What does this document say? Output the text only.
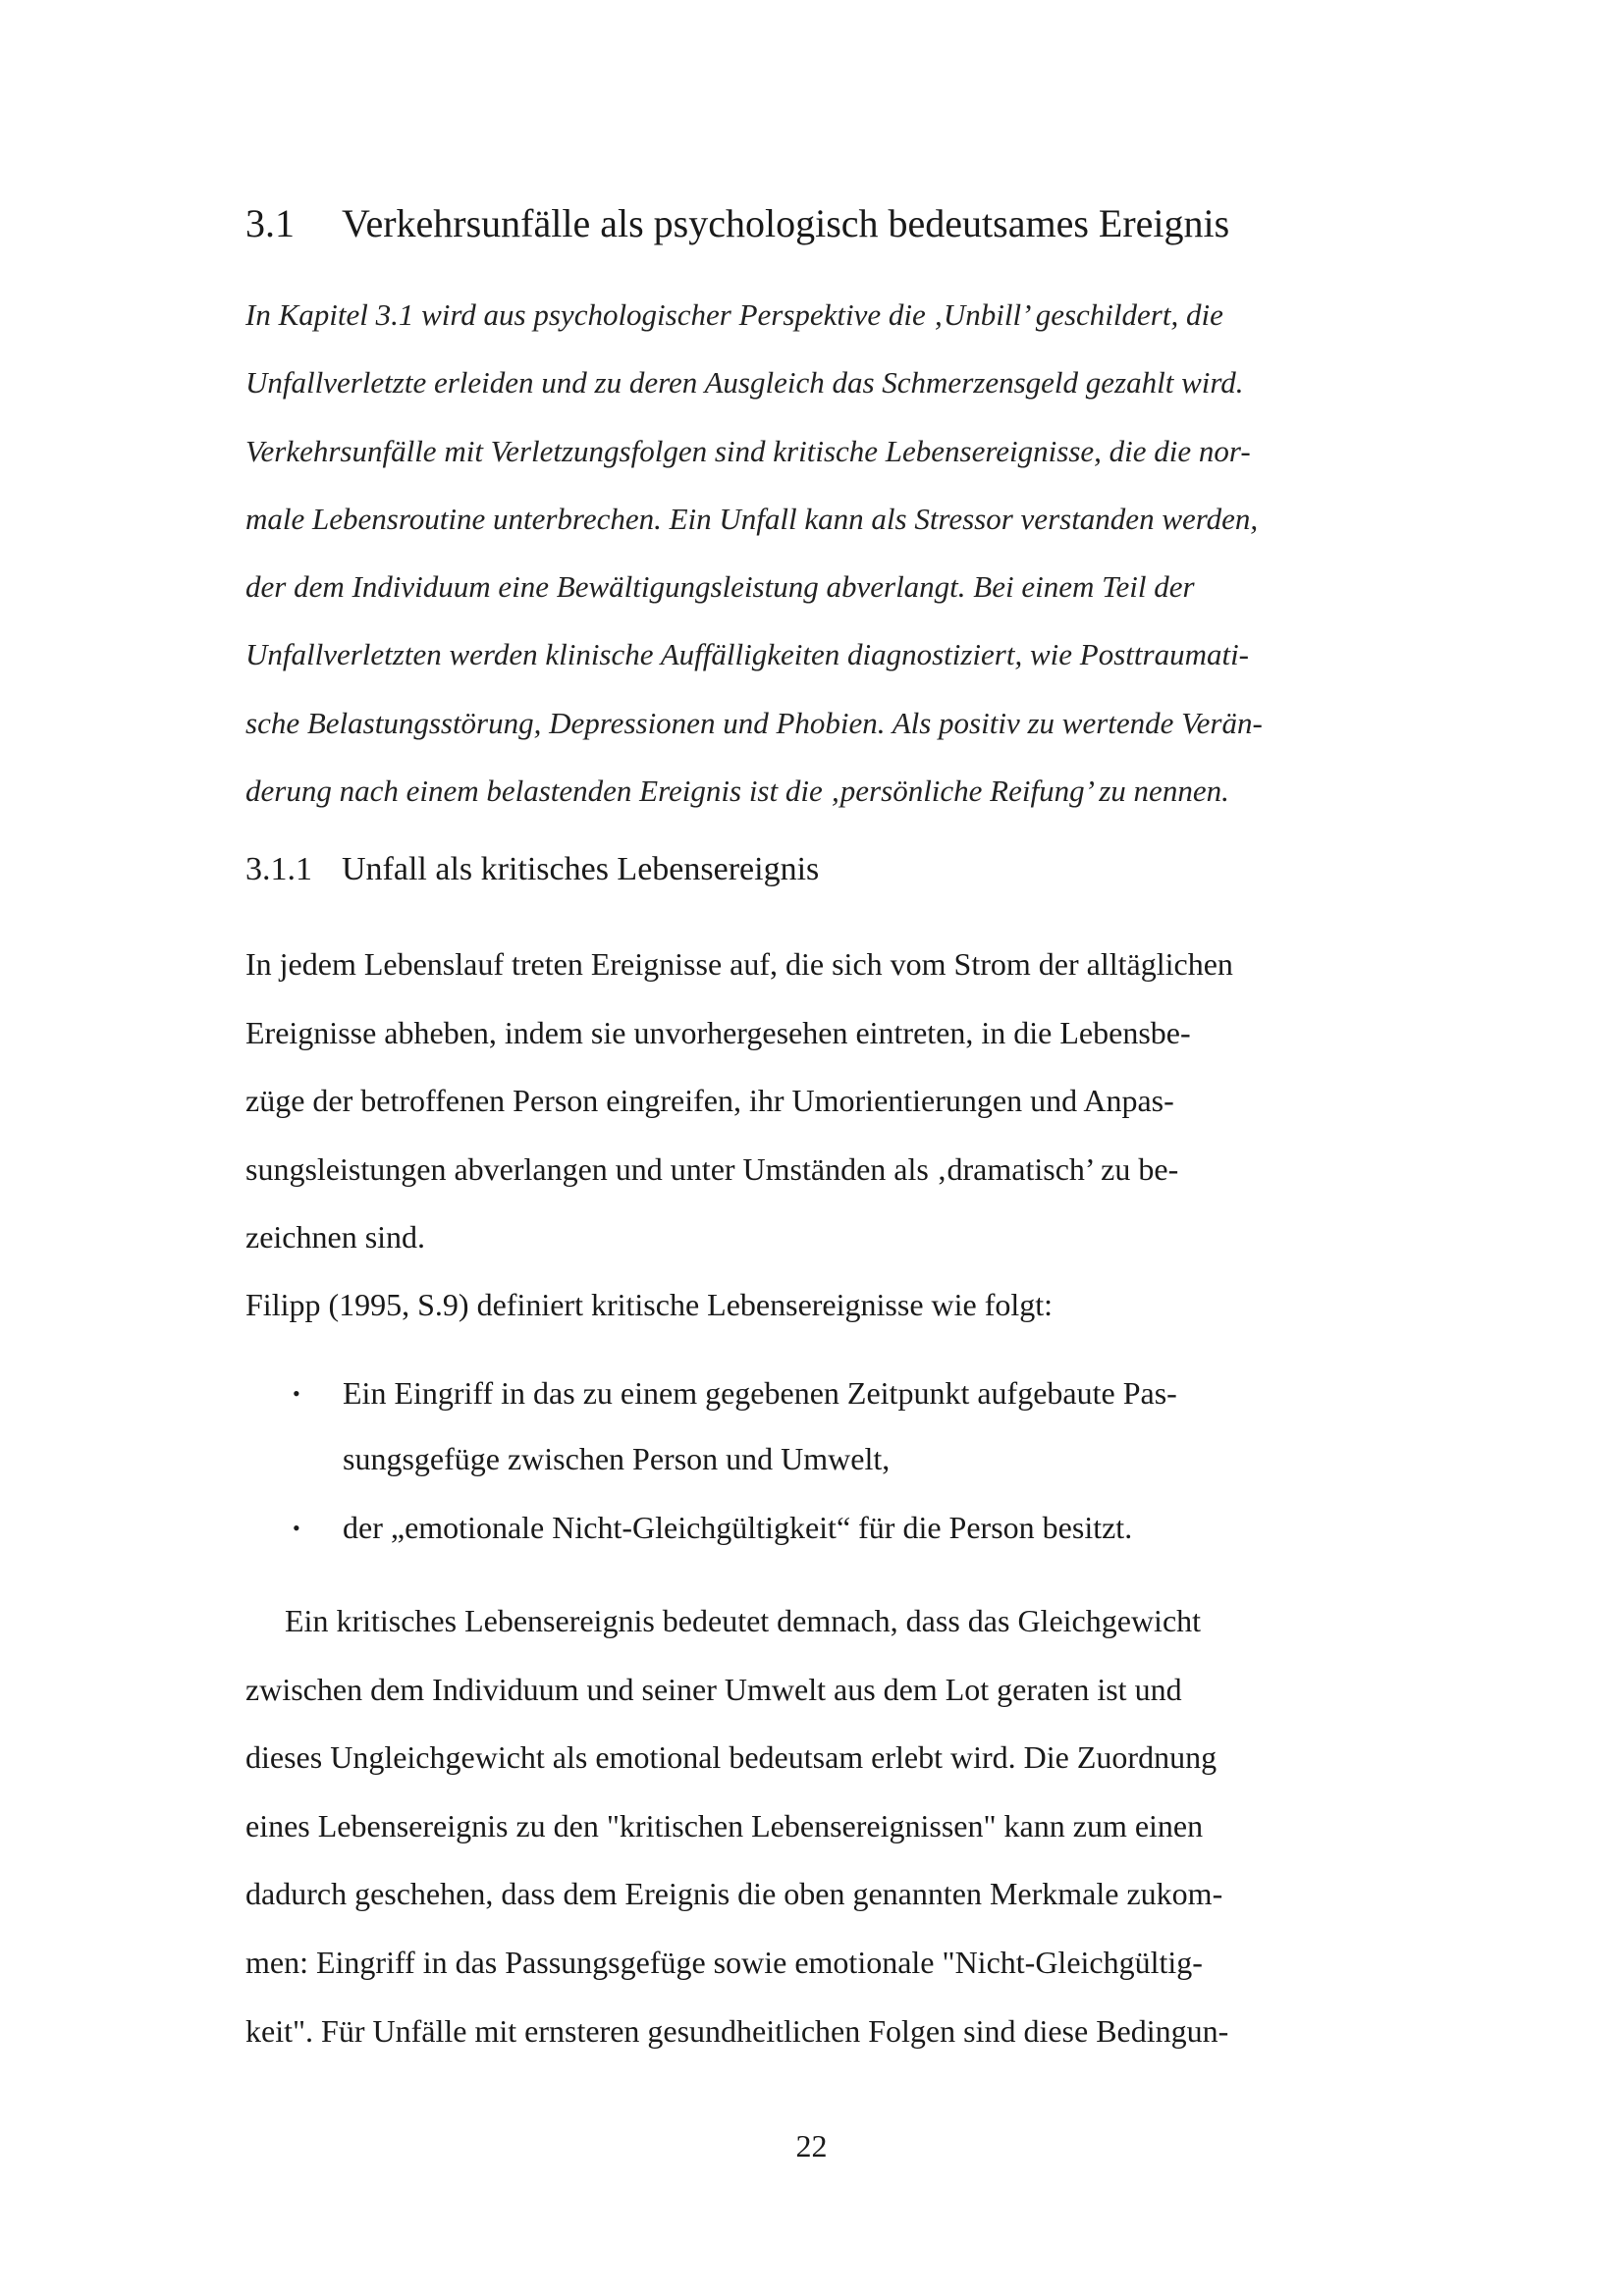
3.1 Verkehrsunfälle als psychologisch bedeutsames Ereignis

In Kapitel 3.1 wird aus psychologischer Perspektive die ‚Unbill’ geschildert, die

Unfallverletzte erleiden und zu deren Ausgleich das Schmerzensgeld gezahlt wird.

Verkehrsunfälle mit Verletzungsfolgen sind kritische Lebensereignisse, die die nor-

male Lebensroutine unterbrechen. Ein Unfall kann als Stressor verstanden werden,

der dem Individuum eine Bewältigungsleistung abverlangt. Bei einem Teil der

Unfallverletzten werden klinische Auffälligkeiten diagnostiziert, wie Posttraumati-

sche Belastungsstörung, Depressionen und Phobien. Als positiv zu wertende Verän-

derung nach einem belastenden Ereignis ist die ‚persönliche Reifung’ zu nennen.

3.1.1 Unfall als kritisches Lebensereignis

In jedem Lebenslauf treten Ereignisse auf, die sich vom Strom der alltäglichen

Ereignisse abheben, indem sie unvorhergesehen eintreten, in die Lebensbe-

züge der betroffenen Person eingreifen, ihr Umorientierungen und Anpas-

sungsleistungen abverlangen und unter Umständen als ‚dramatisch’ zu be-

zeichnen sind.

Filipp (1995, S.9) definiert kritische Lebensereignisse wie folgt:

•	Ein Eingriff in das zu einem gegebenen Zeitpunkt aufgebaute Pas-

sungsgefüge zwischen Person und Umwelt,

•	der „emotionale Nicht-Gleichgültigkeit“ für die Person besitzt.

Ein kritisches Lebensereignis bedeutet demnach, dass das Gleichgewicht

zwischen dem Individuum und seiner Umwelt aus dem Lot geraten ist und

dieses Ungleichgewicht als emotional bedeutsam erlebt wird. Die Zuordnung

eines Lebensereignis zu den "kritischen Lebensereignissen" kann zum einen

dadurch geschehen, dass dem Ereignis die oben genannten Merkmale zukom-

men: Eingriff in das Passungsgefüge sowie emotionale "Nicht-Gleichgültig-

keit". Für Unfälle mit ernsteren gesundheitlichen Folgen sind diese Bedingun-

22
